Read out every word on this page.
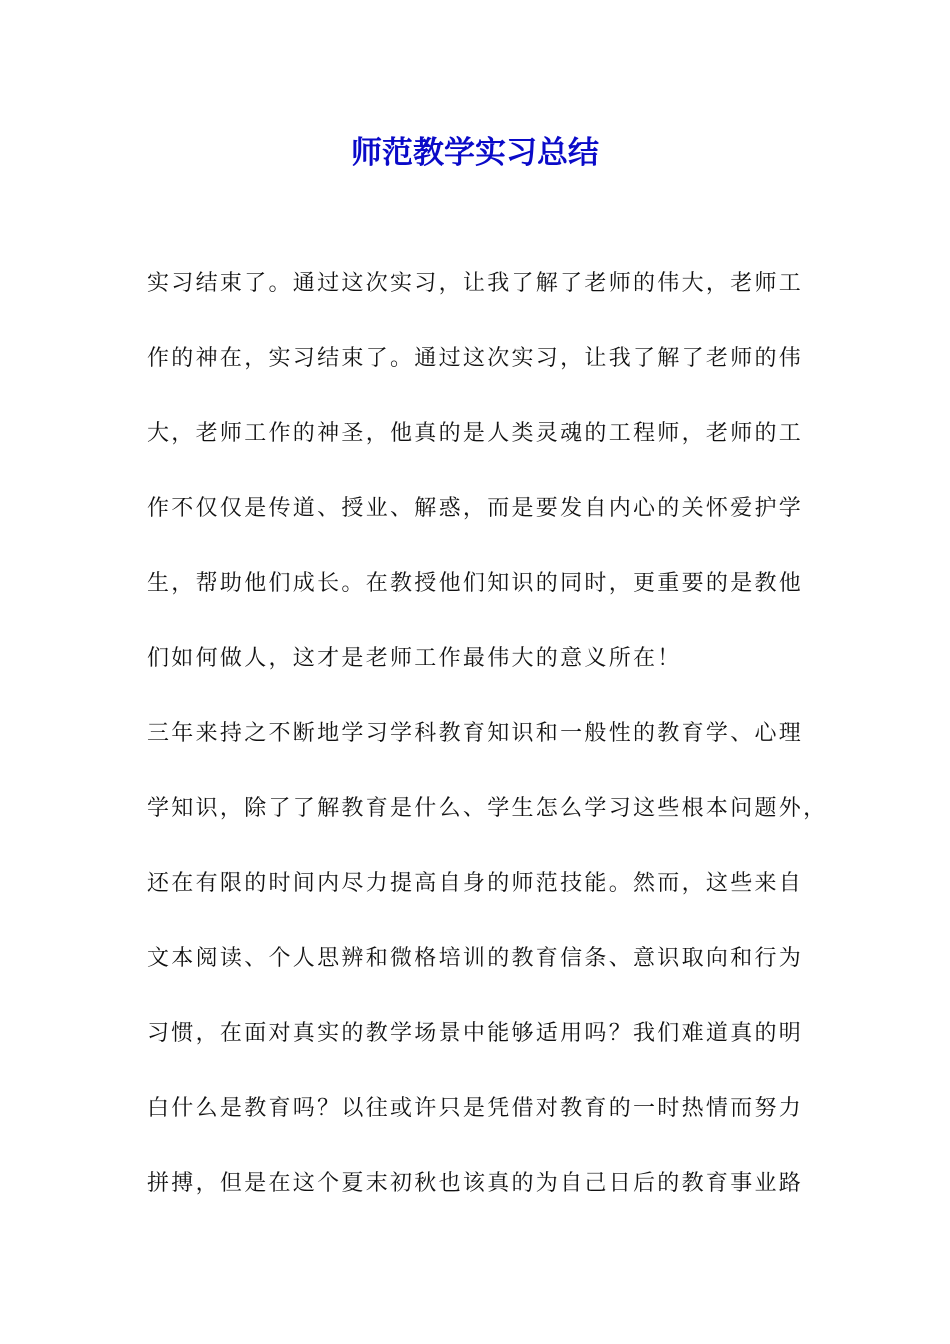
师范教学实习总结
实习结束了。通过这次实习，让我了解了老师的伟大，老师工
作的神在，实习结束了。通过这次实习，让我了解了老师的伟
大，老师工作的神圣，他真的是人类灵魂的工程师，老师的工
作不仅仅是传道、授业、解惑，而是要发自内心的关怀爱护学
生，帮助他们成长。在教授他们知识的同时，更重要的是教他
们如何做人，这才是老师工作最伟大的意义所在！
三年来持之不断地学习学科教育知识和一般性的教育学、心理
学知识，除了了解教育是什么、学生怎么学习这些根本问题外，
还在有限的时间内尽力提高自身的师范技能。然而，这些来自
文本阅读、个人思辨和微格培训的教育信条、意识取向和行为
习惯，在面对真实的教学场景中能够适用吗？我们难道真的明
白什么是教育吗？以往或许只是凭借对教育的一时热情而努力
拼搏，但是在这个夏末初秋也该真的为自己日后的教育事业路
